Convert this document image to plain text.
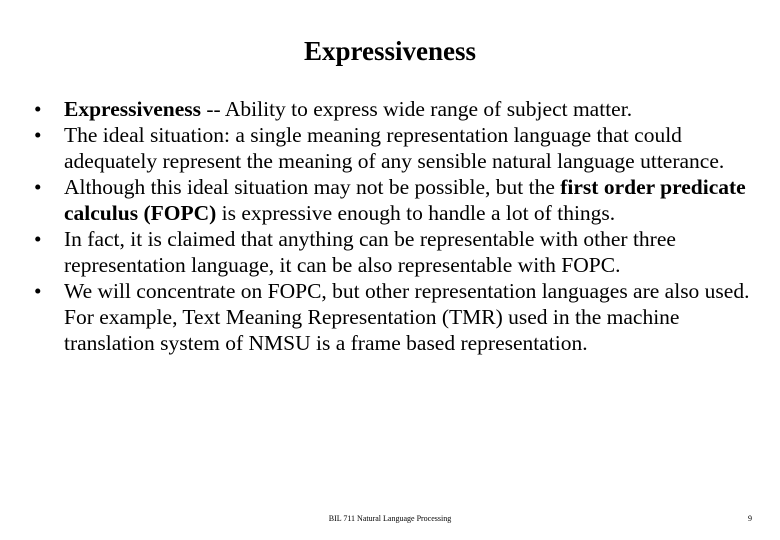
Expressiveness
•	Expressiveness -- Ability to express wide range of subject matter.
•	The ideal situation: a single meaning representation language that could adequately represent the meaning of any sensible natural language utterance.
•	Although this ideal situation may not be possible, but the first order predicate calculus (FOPC) is expressive enough to handle a lot of things.
•	In fact, it is claimed that anything can be representable with other three representation language, it can be also representable with FOPC.
•	We will concentrate on FOPC, but other representation languages are also used. For example, Text Meaning Representation (TMR) used in the machine translation system of NMSU is a frame based representation.
BIL 711 Natural Language Processing	9
